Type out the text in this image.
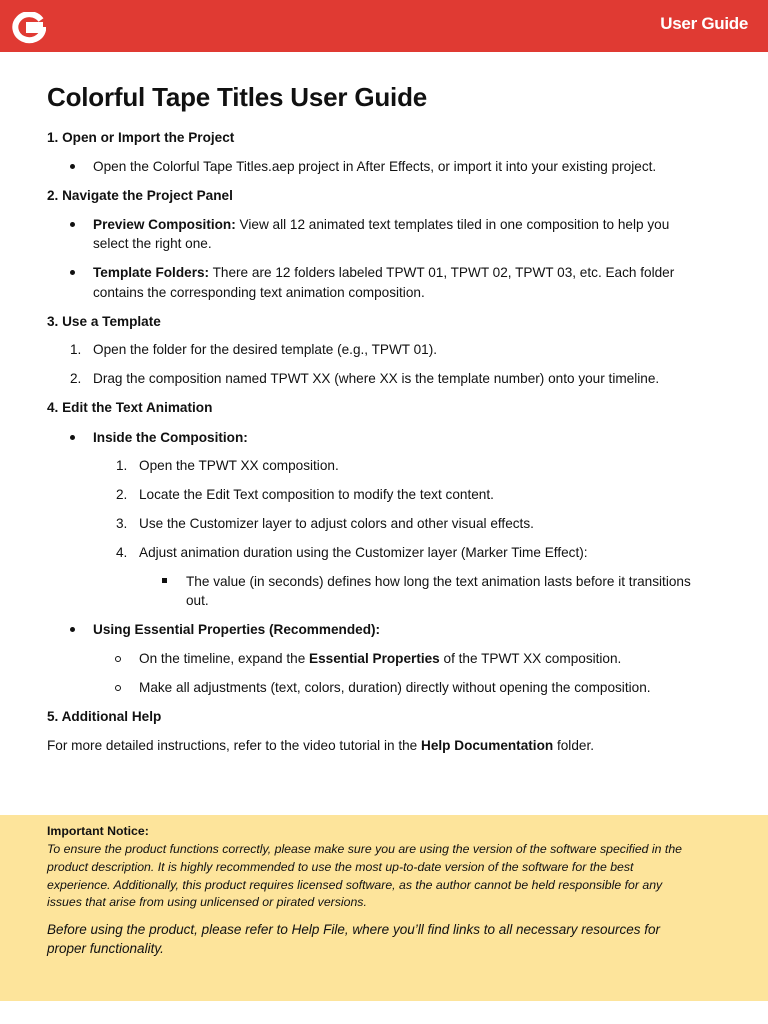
User Guide
Colorful Tape Titles User Guide
1. Open or Import the Project
Open the Colorful Tape Titles.aep project in After Effects, or import it into your existing project.
2. Navigate the Project Panel
Preview Composition: View all 12 animated text templates tiled in one composition to help you
select the right one.
Template Folders: There are 12 folders labeled TPWT 01, TPWT 02, TPWT 03, etc. Each folder
contains the corresponding text animation composition.
3. Use a Template
1. Open the folder for the desired template (e.g., TPWT 01).
2. Drag the composition named TPWT XX (where XX is the template number) onto your timeline.
4. Edit the Text Animation
Inside the Composition:
1. Open the TPWT XX composition.
2. Locate the Edit Text composition to modify the text content.
3. Use the Customizer layer to adjust colors and other visual effects.
4. Adjust animation duration using the Customizer layer (Marker Time Effect):
The value (in seconds) defines how long the text animation lasts before it transitions
out.
Using Essential Properties (Recommended):
On the timeline, expand the Essential Properties of the TPWT XX composition.
Make all adjustments (text, colors, duration) directly without opening the composition.
5. Additional Help
For more detailed instructions, refer to the video tutorial in the Help Documentation folder.
Important Notice:
To ensure the product functions correctly, please make sure you are using the version of the software specified in the
product description. It is highly recommended to use the most up-to-date version of the software for the best
experience. Additionally, this product requires licensed software, as the author cannot be held responsible for any
issues that arise from using unlicensed or pirated versions.
Before using the product, please refer to Help File, where you’ll find links to all necessary resources for
proper functionality.
